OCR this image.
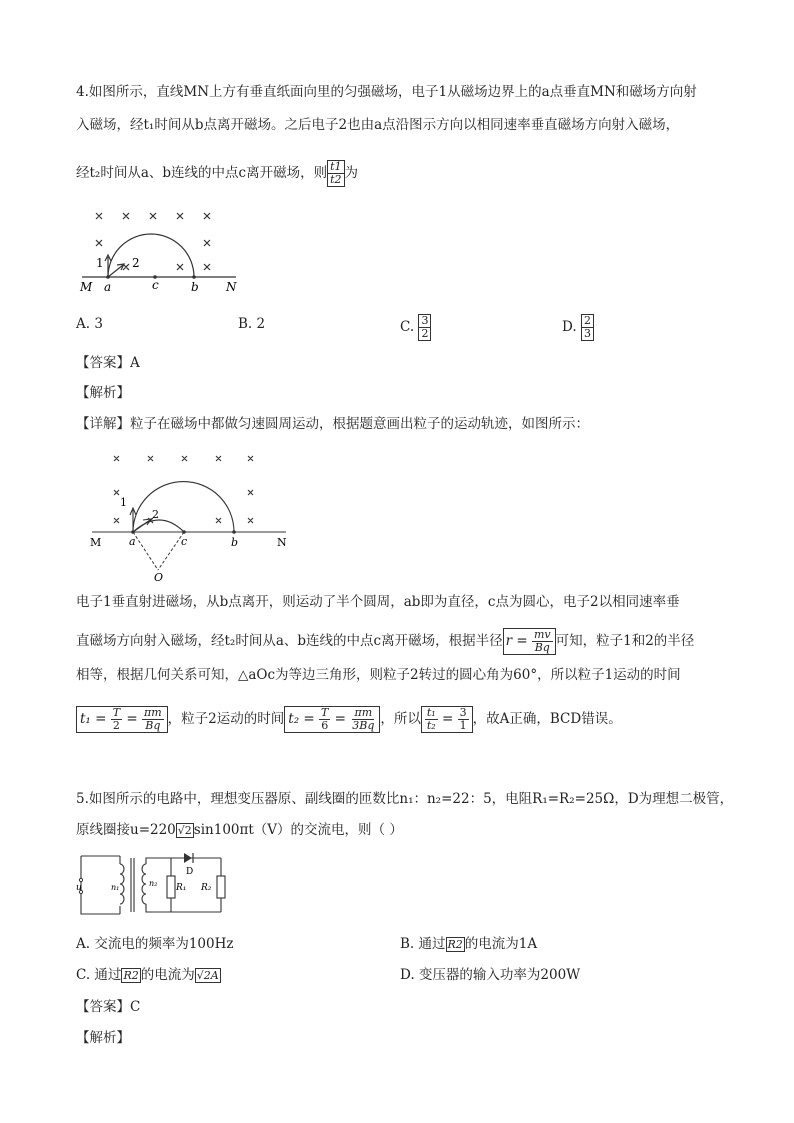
4.如图所示，直线MN上方有垂直纸面向里的匀强磁场，电子1从磁场边界上的a点垂直MN和磁场方向射
入磁场，经t₁时间从b点离开磁场。之后电子2也由a点沿图示方向以相同速率垂直磁场方向射入磁场，
经t₂时间从a、b连线的中点c离开磁场，则 $\frac{t1}{t2}$ 为
1 2
M a	c	b N
A. 3	B. 2	C. $\frac{3}{2}$	D. $\frac{2}{3}$
【答案】A
【解析】
【详解】粒子在磁场中都做匀速圆周运动，根据题意画出粒子的运动轨迹，如图所示：
1
2
M	a	c	b	N
O
电子1垂直射进磁场，从b点离开，则运动了半个圆周，ab即为直径，c点为圆心，电子2以相同速率垂
直磁场方向射入磁场，经t₂时间从a、b连线的中点c离开磁场，根据半径 $r = \frac{mv}{Bq}$ 可知，粒子1和2的半径
相等，根据几何关系可知，△aOc为等边三角形，则粒子2转过的圆心角为60°，所以粒子1运动的时间
$t_1 = \frac{T}{2} = \frac{\pi m}{Bq}$ ，粒子2运动的时间 $t_2 = \frac{T}{6} = \frac{\pi m}{3Bq}$ ，所以 $\frac{\text{t₁}}{\text{t₂}} = \frac{3}{1}$ ，故A正确，BCD错误。
5.如图所示的电路中，理想变压器原、副线圈的匝数比n₁：n₂=22：5，电阻R₁=R₂=25Ω，D为理想二极管，
原线圈接u=220 √2 sin100πt（V）的交流电，则（ ）
u	n₁	n₂ R₁ R₂
D
A. 交流电的频率为100Hz	B. 通过 R2 的电流为1A
C. 通过 R2 的电流为 √2A	D. 变压器的输入功率为200W
【答案】C
【解析】
